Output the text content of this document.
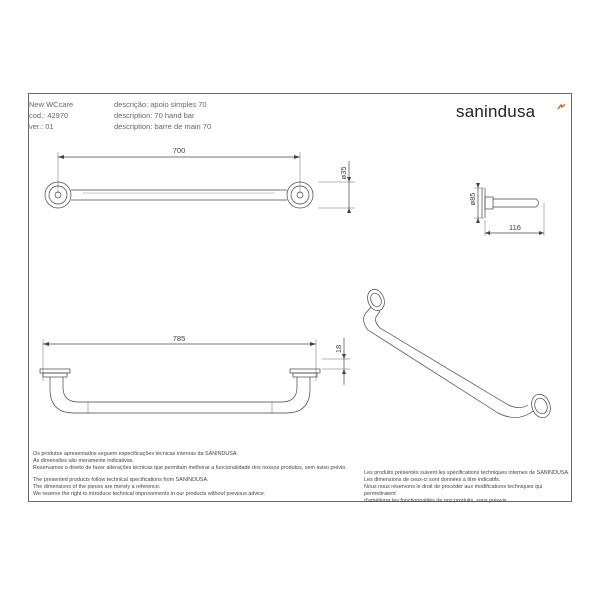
New WCcare
cod.: 42970
ver.: 01
descrição: apoio simples 70
description: 70 hand bar
description: barre de main 70
sanindusa
700
ø35
ø85
116
785
18

Os produtos apresentados seguem especificações técnicas internas da SANINDUSA.

As dimensões são meramente indicativas.

Reservamos o direito de fazer alterações técnicas que permitam melhorar a funcionalidade dos nossos produtos, sem aviso prévio.

The presented products follow technical specifications from SANINDUSA.

The dimensions of the pieces are merely a reference.

We reserve the right to introduce technical improvements in our products without previous advice.

Les produits présentés suivent les spécifications techniques internes de SANINDUSA.

Les dimensions de ceux-ci sont données à titre indicatifs.

Nous nous réservons le droit de procéder aux modifications techniques qui permettraient

d'améliorer les fonctionnalités de nos produits, sans préavis.
